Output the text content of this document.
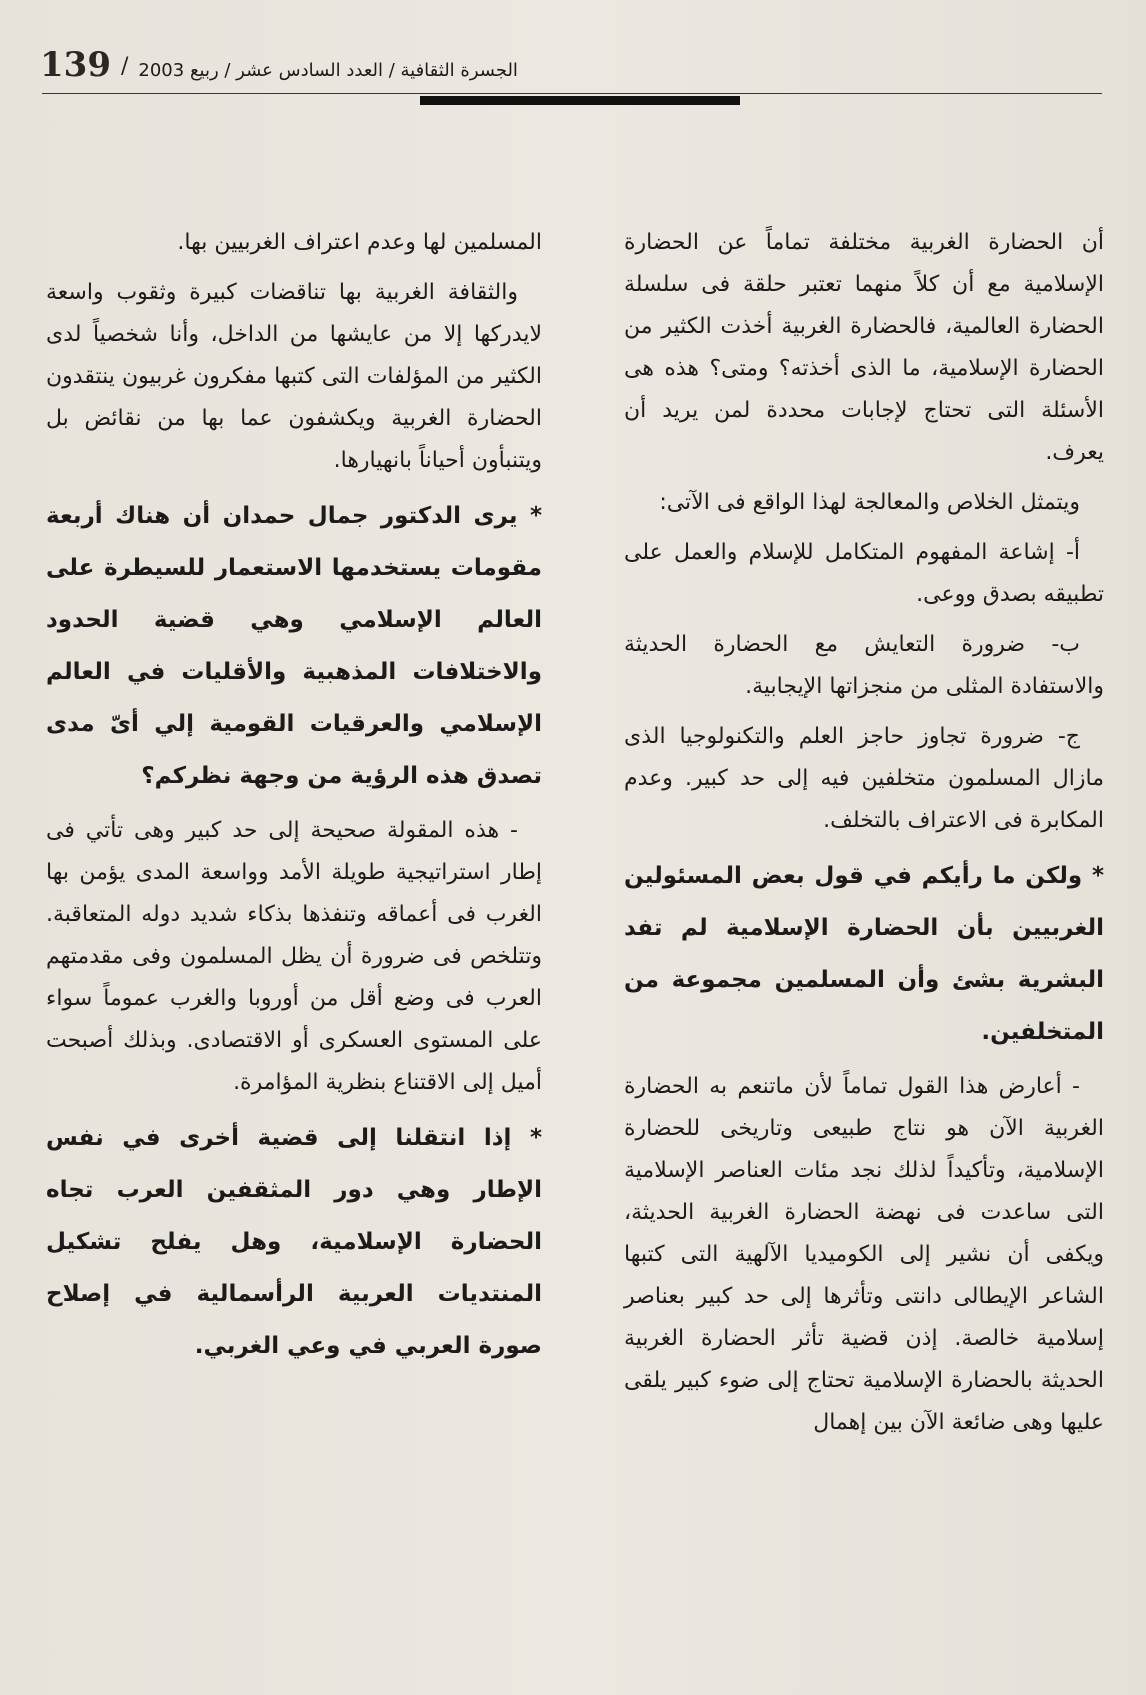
139 / الجسرة الثقافية / العدد السادس عشر / ربيع 2003

أن الحضارة الغربية مختلفة تماماً عن الحضارة الإسلامية مع أن كلاً منهما تعتبر حلقة فى سلسلة الحضارة العالمية، فالحضارة الغربية أخذت الكثير من الحضارة الإسلامية، ما الذى أخذته؟ ومتى؟ هذه هى الأسئلة التى تحتاج لإجابات محددة لمن يريد أن يعرف.

ويتمثل الخلاص والمعالجة لهذا الواقع فى الآتى:

أ- إشاعة المفهوم المتكامل للإسلام والعمل على تطبيقه بصدق ووعى.

ب- ضرورة التعايش مع الحضارة الحديثة والاستفادة المثلى من منجزاتها الإيجابية.

ج- ضرورة تجاوز حاجز العلم والتكنولوجيا الذى مازال المسلمون متخلفين فيه إلى حد كبير. وعدم المكابرة فى الاعتراف بالتخلف.

* ولكن ما رأيكم في قول بعض المسئولين الغربيين بأن الحضارة الإسلامية لم تفد البشرية بشئ وأن المسلمين مجموعة من المتخلفين.

- أعارض هذا القول تماماً لأن ماتنعم به الحضارة الغربية الآن هو نتاج طبيعى وتاريخى للحضارة الإسلامية، وتأكيداً لذلك نجد مئات العناصر الإسلامية التى ساعدت فى نهضة الحضارة الغربية الحديثة، ويكفى أن نشير إلى الكوميديا الآلهية التى كتبها الشاعر الإيطالى دانتى وتأثرها إلى حد كبير بعناصر إسلامية خالصة. إذن قضية تأثر الحضارة الغربية الحديثة بالحضارة الإسلامية تحتاج إلى ضوء كبير يلقى عليها وهى ضائعة الآن بين إهمال

المسلمين لها وعدم اعتراف الغربيين بها.

والثقافة الغربية بها تناقضات كبيرة وثقوب واسعة لايدركها إلا من عايشها من الداخل، وأنا شخصياً لدى الكثير من المؤلفات التى كتبها مفكرون غربيون ينتقدون الحضارة الغربية ويكشفون عما بها من نقائض بل ويتنبأون أحياناً بانهيارها.

* يرى الدكتور جمال حمدان أن هناك أربعة مقومات يستخدمها الاستعمار للسيطرة على العالم الإسلامي وهي قضية الحدود والاختلافات المذهبية والأقليات في العالم الإسلامي والعرقيات القومية إلي أىّ مدى تصدق هذه الرؤية من وجهة نظركم؟

- هذه المقولة صحيحة إلى حد كبير وهى تأتي فى إطار استراتيجية طويلة الأمد وواسعة المدى يؤمن بها الغرب فى أعماقه وتنفذها بذكاء شديد دوله المتعاقبة. وتتلخص فى ضرورة أن يظل المسلمون وفى مقدمتهم العرب فى وضع أقل من أوروبا والغرب عموماً سواء على المستوى العسكرى أو الاقتصادى. وبذلك أصبحت أميل إلى الاقتناع بنظرية المؤامرة.

* إذا انتقلنا إلى قضية أخرى في نفس الإطار وهي دور المثقفين العرب تجاه الحضارة الإسلامية، وهل يفلح تشكيل المنتديات العربية الرأسمالية في إصلاح صورة العربي في وعي الغربي.
